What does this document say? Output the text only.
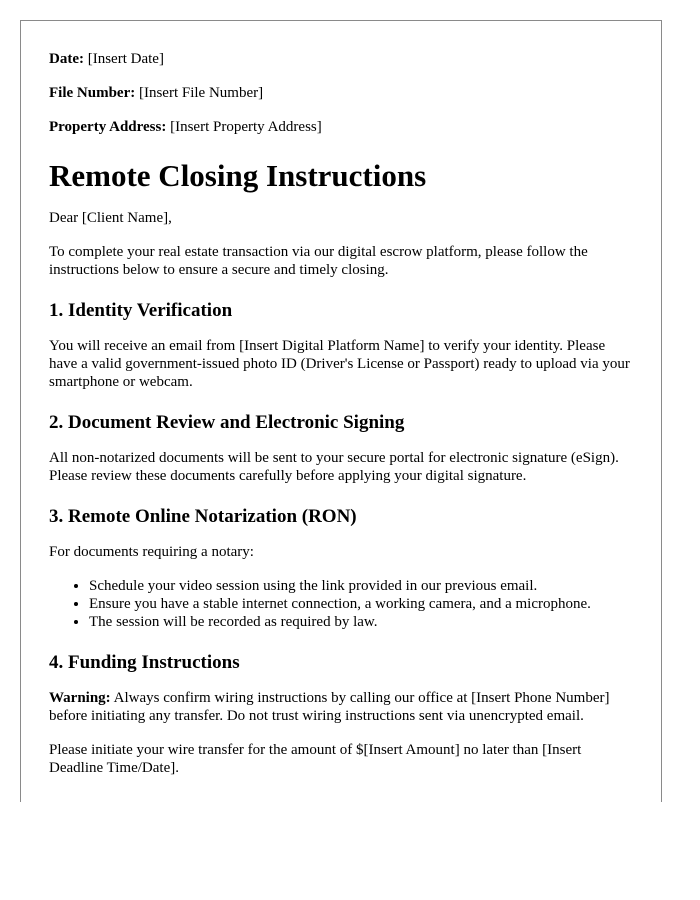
Date: [Insert Date]
File Number: [Insert File Number]
Property Address: [Insert Property Address]
Remote Closing Instructions

Dear [Client Name],

To complete your real estate transaction via our digital escrow platform, please follow the instructions below to ensure a secure and timely closing.

1. Identity Verification

You will receive an email from [Insert Digital Platform Name] to verify your identity. Please have a valid government-issued photo ID (Driver's License or Passport) ready to upload via your smartphone or webcam.

2. Document Review and Electronic Signing

All non-notarized documents will be sent to your secure portal for electronic signature (eSign). Please review these documents carefully before applying your digital signature.

3. Remote Online Notarization (RON)

For documents requiring a notary:

• Schedule your video session using the link provided in our previous email.
• Ensure you have a stable internet connection, a working camera, and a microphone.
• The session will be recorded as required by law.
4. Funding Instructions

Warning: Always confirm wiring instructions by calling our office at [Insert Phone Number] before initiating any transfer. Do not trust wiring instructions sent via unencrypted email.

Please initiate your wire transfer for the amount of $[Insert Amount] no later than [Insert Deadline Time/Date].
